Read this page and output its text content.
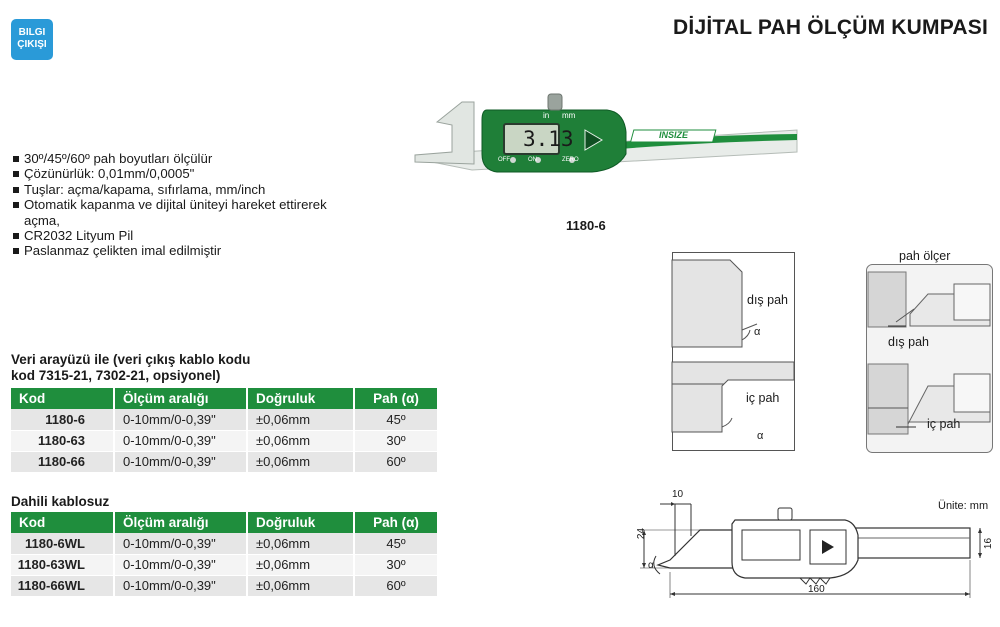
BILGI
ÇIKIŞI
DİJİTAL PAH ÖLÇÜM KUMPASI
3.13
in mm
OFF	ON	ZERO
INSIZE
1180-6
30º/45º/60º pah boyutları ölçülür
Çözünürlük: 0,01mm/0,0005"
Tuşlar: açma/kapama, sıfırlama, mm/inch
Otomatik kapanma ve dijital üniteyi hareket ettirerek açma,
CR2032 Lityum Pil
Paslanmaz çelikten imal edilmiştir
Veri arayüzü ile (veri çıkış kablo kodu
kod 7315-21, 7302-21, opsiyonel)
Kod	Ölçüm aralığı	Doğruluk	Pah (α)
1180-6	0-10mm/0-0,39"	±0,06mm	45º
1180-63	0-10mm/0-0,39"	±0,06mm	30º
1180-66	0-10mm/0-0,39"	±0,06mm	60º
Dahili kablosuz
Kod	Ölçüm aralığı	Doğruluk	Pah (α)
1180-6WL	0-10mm/0-0,39"	±0,06mm	45º
1180-63WL	0-10mm/0-0,39"	±0,06mm	30º
1180-66WL	0-10mm/0-0,39"	±0,06mm	60º
dış pah
α
iç pah
α
pah ölçer
dış pah
iç pah
Ünite: mm
10
24
16
160
α
